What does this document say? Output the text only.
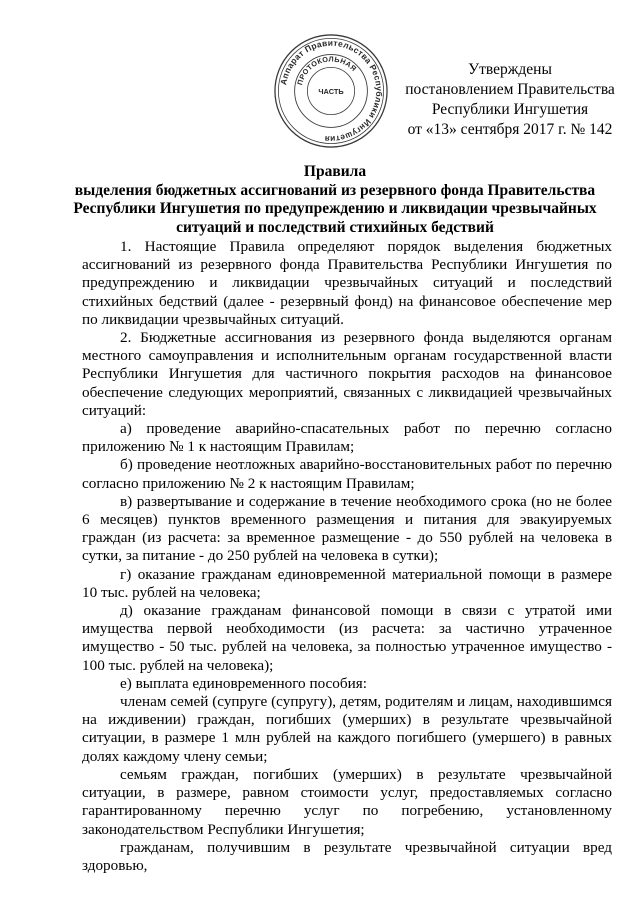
Аппарат Правительства Республики Ингушетия
ПРОТОКОЛЬНАЯ
ЧАСТЬ
Утверждены
постановлением Правительства
Республики Ингушетия
от «13» сентября 2017 г. № 142
Правила
выделения бюджетных ассигнований из резервного фонда Правительства
Республики Ингушетия по предупреждению и ликвидации чрезвычайных
ситуаций и последствий стихийных бедствий

1. Настоящие Правила определяют порядок выделения бюджетных ассигнований из резервного фонда Правительства Республики Ингушетия по предупреждению и ликвидации чрезвычайных ситуаций и последствий стихийных бедствий (далее - резервный фонд) на финансовое обеспечение мер по ликвидации чрезвычайных ситуаций.

2. Бюджетные ассигнования из резервного фонда выделяются органам местного самоуправления и исполнительным органам государственной власти Республики Ингушетия для частичного покрытия расходов на финансовое обеспечение следующих мероприятий, связанных с ликвидацией чрезвычайных ситуаций:

а) проведение аварийно-спасательных работ по перечню согласно приложению № 1 к настоящим Правилам;

б) проведение неотложных аварийно-восстановительных работ по перечню согласно приложению № 2 к настоящим Правилам;

в) развертывание и содержание в течение необходимого срока (но не более 6 месяцев) пунктов временного размещения и питания для эвакуируемых граждан (из расчета: за временное размещение - до 550 рублей на человека в сутки, за питание - до 250 рублей на человека в сутки);

г) оказание гражданам единовременной материальной помощи в размере 10 тыс. рублей на человека;

д) оказание гражданам финансовой помощи в связи с утратой ими имущества первой необходимости (из расчета: за частично утраченное имущество - 50 тыс. рублей на человека, за полностью утраченное имущество - 100 тыс. рублей на человека);

е) выплата единовременного пособия:

членам семей (супруге (супругу), детям, родителям и лицам, находившимся на иждивении) граждан, погибших (умерших) в результате чрезвычайной ситуации, в размере 1 млн рублей на каждого погибшего (умершего) в равных долях каждому члену семьи;

семьям граждан, погибших (умерших) в результате чрезвычайной ситуации, в размере, равном стоимости услуг, предоставляемых согласно гарантированному перечню услуг по погребению, установленному законодательством Республики Ингушетия;

гражданам, получившим в результате чрезвычайной ситуации вред здоровью,
